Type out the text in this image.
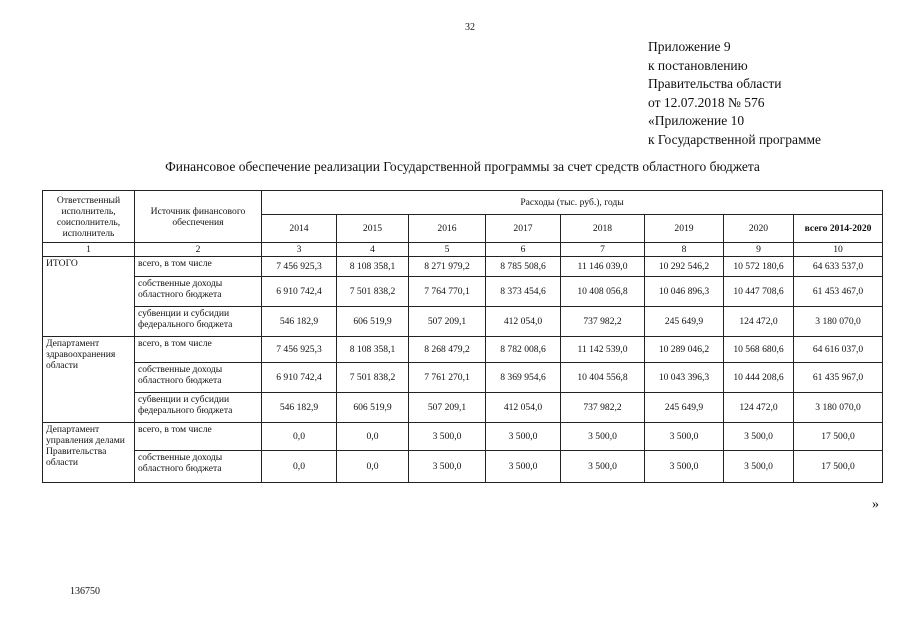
32
Приложение 9
к постановлению
Правительства области
от 12.07.2018 № 576
«Приложение 10
к Государственной программе
Финансовое обеспечение реализации Государственной программы за счет средств областного бюджета
Ответственный исполнитель, соисполнитель, исполнитель	Источник финансового обеспечения	Расходы (тыс. руб.), годы							
		2014	2015	2016	2017	2018	2019	2020	всего 2014-2020
1	2	3	4	5	6	7	8	9	10
ИТОГО	всего, в том числе	7 456 925,3	8 108 358,1	8 271 979,2	8 785 508,6	11 146 039,0	10 292 546,2	10 572 180,6	64 633 537,0
	собственные доходы областного бюджета	6 910 742,4	7 501 838,2	7 764 770,1	8 373 454,6	10 408 056,8	10 046 896,3	10 447 708,6	61 453 467,0
	субвенции и субсидии федерального бюджета	546 182,9	606 519,9	507 209,1	412 054,0	737 982,2	245 649,9	124 472,0	3 180 070,0
Департамент здравоохранения области	всего, в том числе	7 456 925,3	8 108 358,1	8 268 479,2	8 782 008,6	11 142 539,0	10 289 046,2	10 568 680,6	64 616 037,0
	собственные доходы областного бюджета	6 910 742,4	7 501 838,2	7 761 270,1	8 369 954,6	10 404 556,8	10 043 396,3	10 444 208,6	61 435 967,0
	субвенции и субсидии федерального бюджета	546 182,9	606 519,9	507 209,1	412 054,0	737 982,2	245 649,9	124 472,0	3 180 070,0
Департамент управления делами Правительства области	всего, в том числе	0,0	0,0	3 500,0	3 500,0	3 500,0	3 500,0	3 500,0	17 500,0
	собственные доходы областного бюджета	0,0	0,0	3 500,0	3 500,0	3 500,0	3 500,0	3 500,0	17 500,0
»
136750
